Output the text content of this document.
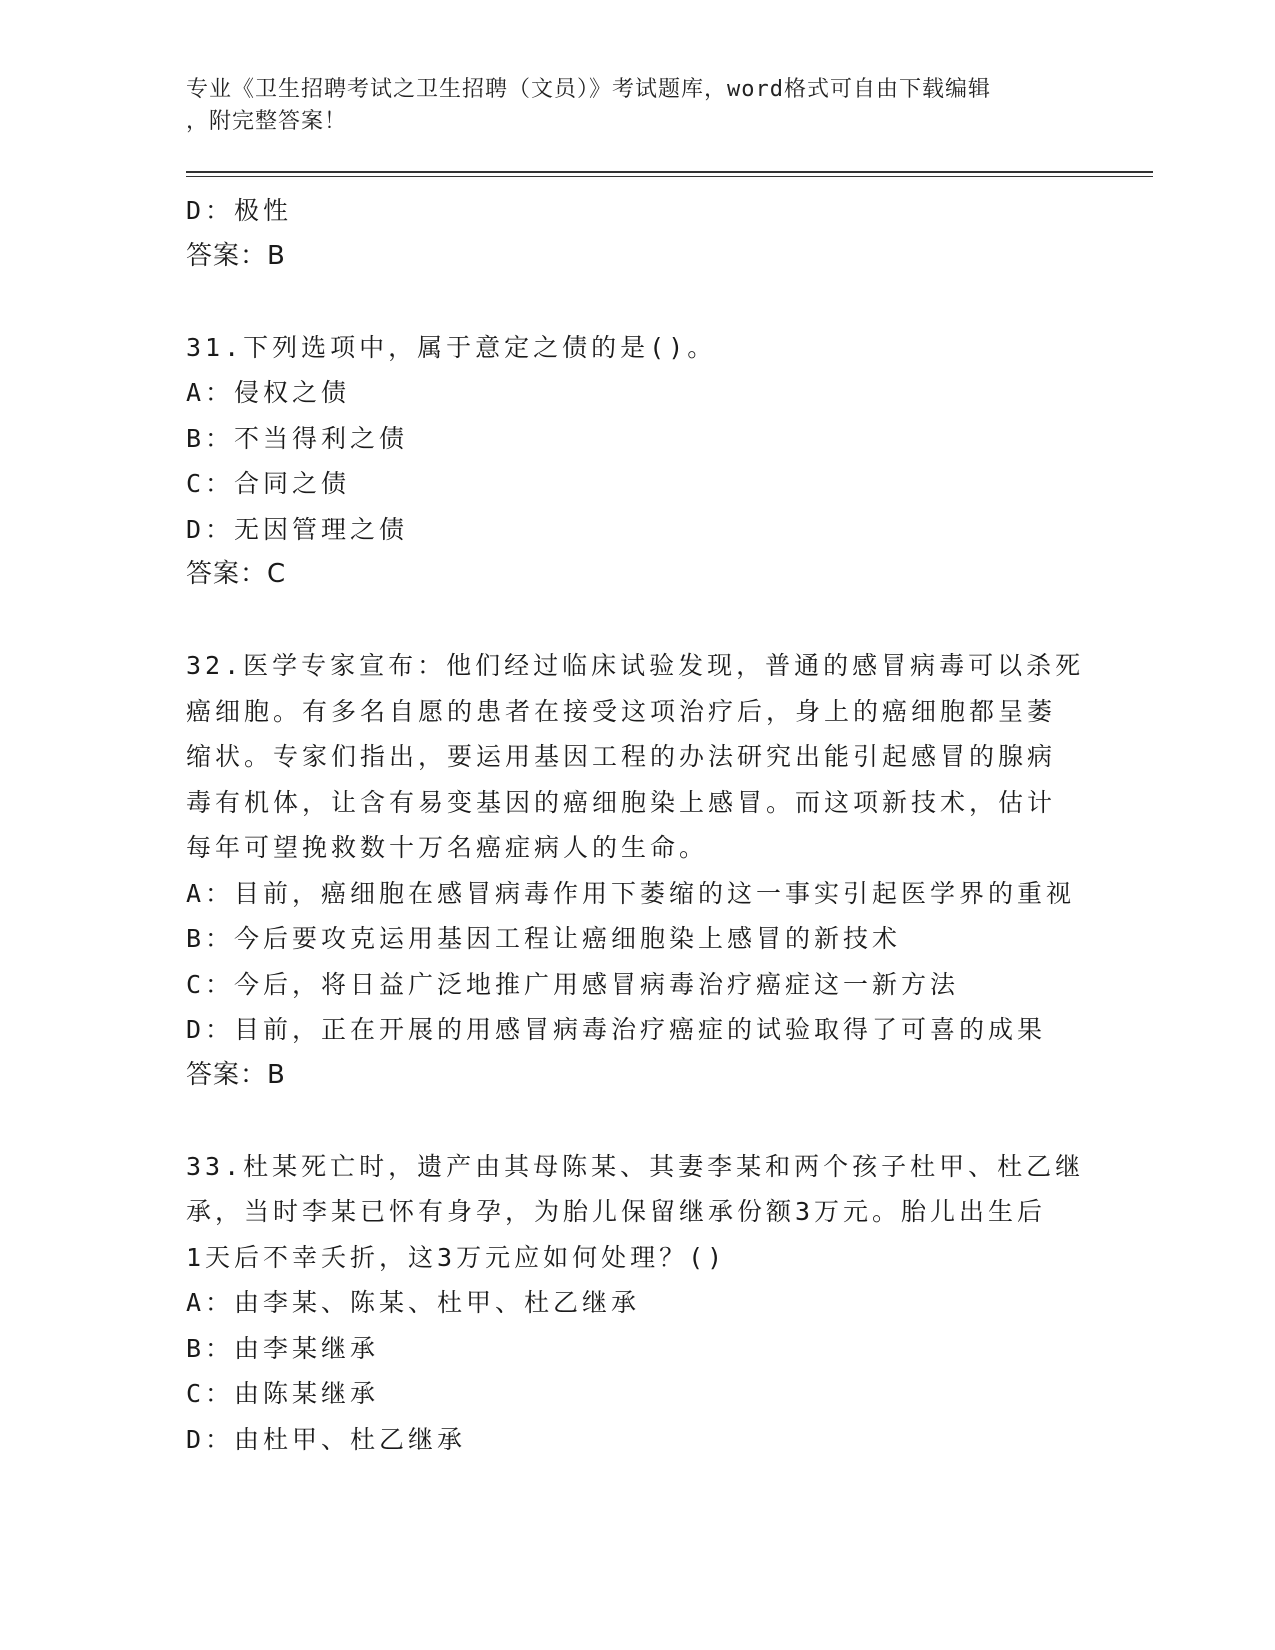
专业《卫生招聘考试之卫生招聘（文员）》考试题库，word格式可自由下载编辑
，附完整答案！
D：极性
答案：B
31.下列选项中，属于意定之债的是()。
A：侵权之债
B：不当得利之债
C：合同之债
D：无因管理之债
答案：C
32.医学专家宣布：他们经过临床试验发现，普通的感冒病毒可以杀死
癌细胞。有多名自愿的患者在接受这项治疗后，身上的癌细胞都呈萎
缩状。专家们指出，要运用基因工程的办法研究出能引起感冒的腺病
毒有机体，让含有易变基因的癌细胞染上感冒。而这项新技术，估计
每年可望挽救数十万名癌症病人的生命。
A：目前，癌细胞在感冒病毒作用下萎缩的这一事实引起医学界的重视
B：今后要攻克运用基因工程让癌细胞染上感冒的新技术
C：今后，将日益广泛地推广用感冒病毒治疗癌症这一新方法
D：目前，正在开展的用感冒病毒治疗癌症的试验取得了可喜的成果
答案：B
33.杜某死亡时，遗产由其母陈某、其妻李某和两个孩子杜甲、杜乙继
承，当时李某已怀有身孕，为胎儿保留继承份额3万元。胎儿出生后
1天后不幸夭折，这3万元应如何处理？()
A：由李某、陈某、杜甲、杜乙继承
B：由李某继承
C：由陈某继承
D：由杜甲、杜乙继承
